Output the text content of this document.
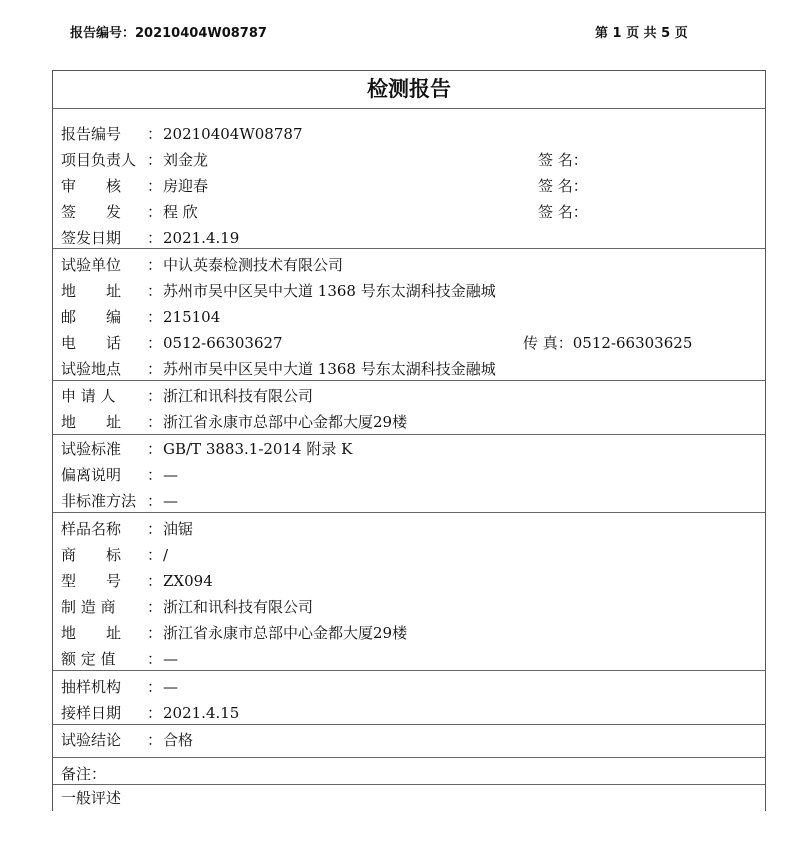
报告编号：20210404W08787	第 1 页 共 5 页
检测报告
报告编号 ： 20210404W08787
项目负责人 ： 刘金龙	签 名：
审　　核 ： 房迎春	签 名：
签　　发 ： 程 欣	签 名：
签发日期 ： 2021.4.19
试验单位 ： 中认英泰检测技术有限公司
地　　址 ： 苏州市吴中区吴中大道 1368 号东太湖科技金融城
邮　　编 ： 215104
电　　话 ： 0512-66303627	传 真：0512-66303625
试验地点 ： 苏州市吴中区吴中大道 1368 号东太湖科技金融城
申 请 人 ： 浙江和讯科技有限公司
地　　址 ： 浙江省永康市总部中心金都大厦29楼
试验标准 ： GB/T 3883.1-2014 附录 K
偏离说明 ： —
非标准方法 ： —
样品名称 ： 油锯
商　　标 ： /
型　　号 ： ZX094
制 造 商 ： 浙江和讯科技有限公司
地　　址 ： 浙江省永康市总部中心金都大厦29楼
额 定 值 ： —
抽样机构 ： —
接样日期 ： 2021.4.15
试验结论 ： 合格
备注：
一般评述
